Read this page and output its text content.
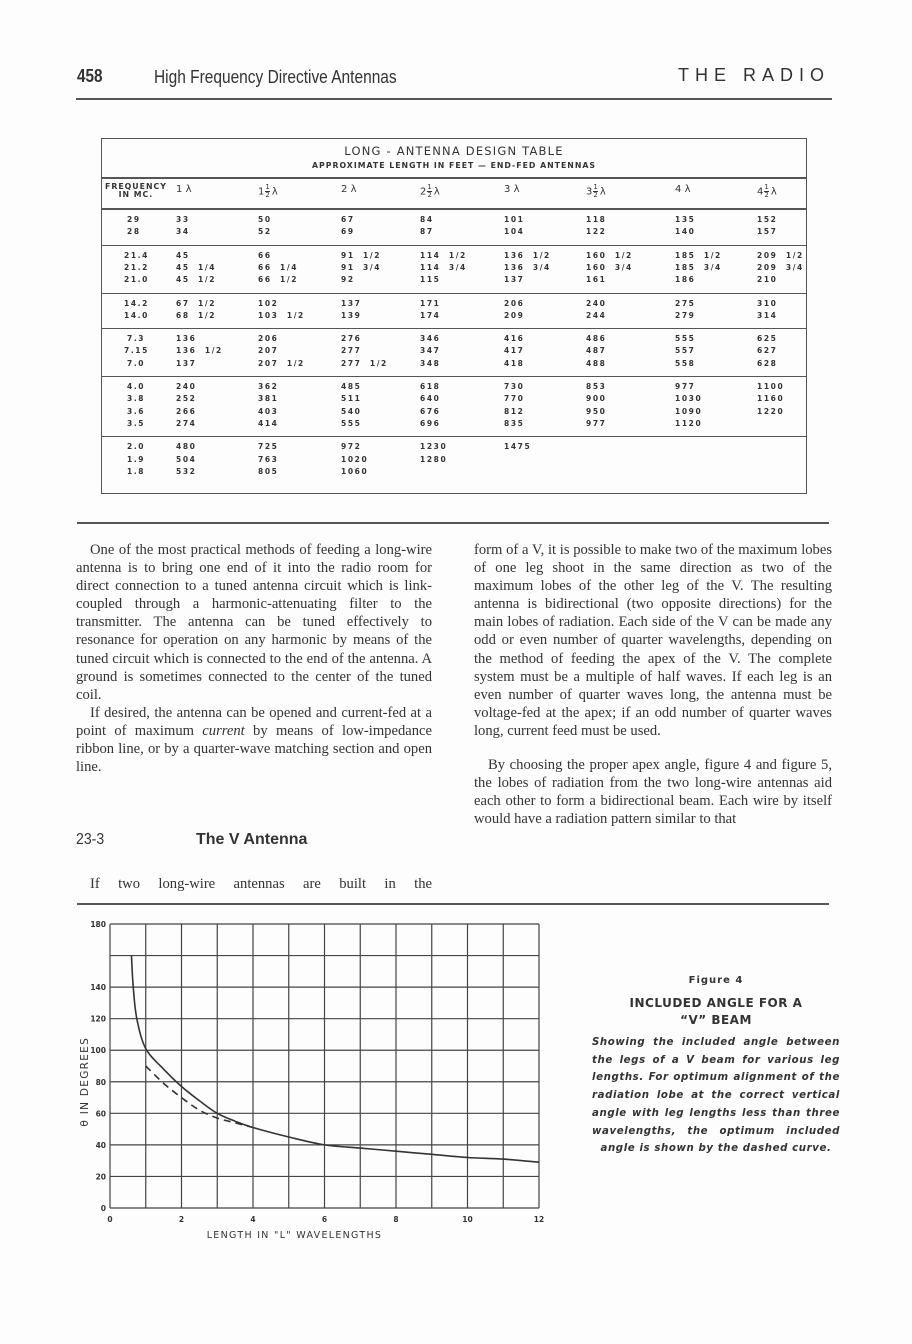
458	High Frequency Directive Antennas	THE RADIO
LONG - ANTENNA DESIGN TABLE
APPROXIMATE LENGTH IN FEET — END-FED ANTENNAS
FREQUENCY
IN MC.	1 λ	$1 \frac{1}{2}$ λ	2 λ	$2 \frac{1}{2}$ λ	3 λ	$3 \frac{1}{2}$ λ	4 λ	$4 \frac{1}{2}$ λ
29	33	50	67	84	101	118	135	152
28	34	52	69	87	104	122	140	157
21.4	45	66	91  1/2	114  1/2	136  1/2	160  1/2	185  1/2	209  1/2
21.2	45  1/4	66  1/4	91  3/4	114  3/4	136  3/4	160  3/4	185  3/4	209  3/4
21.0	45  1/2	66  1/2	92	115	137	161	186	210
14.2	67  1/2	102	137	171	206	240	275	310
14.0	68  1/2	103  1/2	139	174	209	244	279	314
7.3	136	206	276	346	416	486	555	625
7.15	136  1/2	207	277	347	417	487	557	627
7.0	137	207  1/2	277  1/2	348	418	488	558	628
4.0	240	362	485	618	730	853	977	1100
3.8	252	381	511	640	770	900	1030	1160
3.6	266	403	540	676	812	950	1090	1220
3.5	274	414	555	696	835	977	1120
2.0	480	725	972	1230	1475
1.9	504	763	1020	1280
1.8	532	805	1060

One of the most practical methods of feeding a long-wire antenna is to bring one end of it into the radio room for direct connection to a tuned antenna circuit which is link-coupled through a harmonic-attenuating filter to the transmitter. The antenna can be tuned effectively to resonance for operation on any harmonic by means of the tuned circuit which is connected to the end of the antenna. A ground is sometimes connected to the center of the tuned coil.

If desired, the antenna can be opened and current-fed at a point of maximum current by means of low-impedance ribbon line, or by a quarter-wave matching section and open line.

23-3	The V Antenna

If two long-wire antennas are built in the

form of a V, it is possible to make two of the maximum lobes of one leg shoot in the same direction as two of the maximum lobes of the other leg of the V. The resulting antenna is bidirectional (two opposite directions) for the main lobes of radiation. Each side of the V can be made any odd or even number of quarter wavelengths, depending on the method of feeding the apex of the V. The complete system must be a multiple of half waves. If each leg is an even number of quarter waves long, the antenna must be voltage-fed at the apex; if an odd number of quarter waves long, current feed must be used.

By choosing the proper apex angle, figure 4 and figure 5, the lobes of radiation from the two long-wire antennas aid each other to form a bidirectional beam. Each wire by itself would have a radiation pattern similar to that

0
20
40
60
80
100
120
140
180
0	2	4	6	8	10	12
LENGTH IN "L" WAVELENGTHS
θ IN DEGREES
Figure 4
INCLUDED ANGLE FOR A
“V” BEAM
Showing the included angle between the legs of a V beam for various leg lengths. For optimum alignment of the radiation lobe at the correct vertical angle with leg lengths less than three wavelengths, the optimum included angle is shown by the dashed curve.
